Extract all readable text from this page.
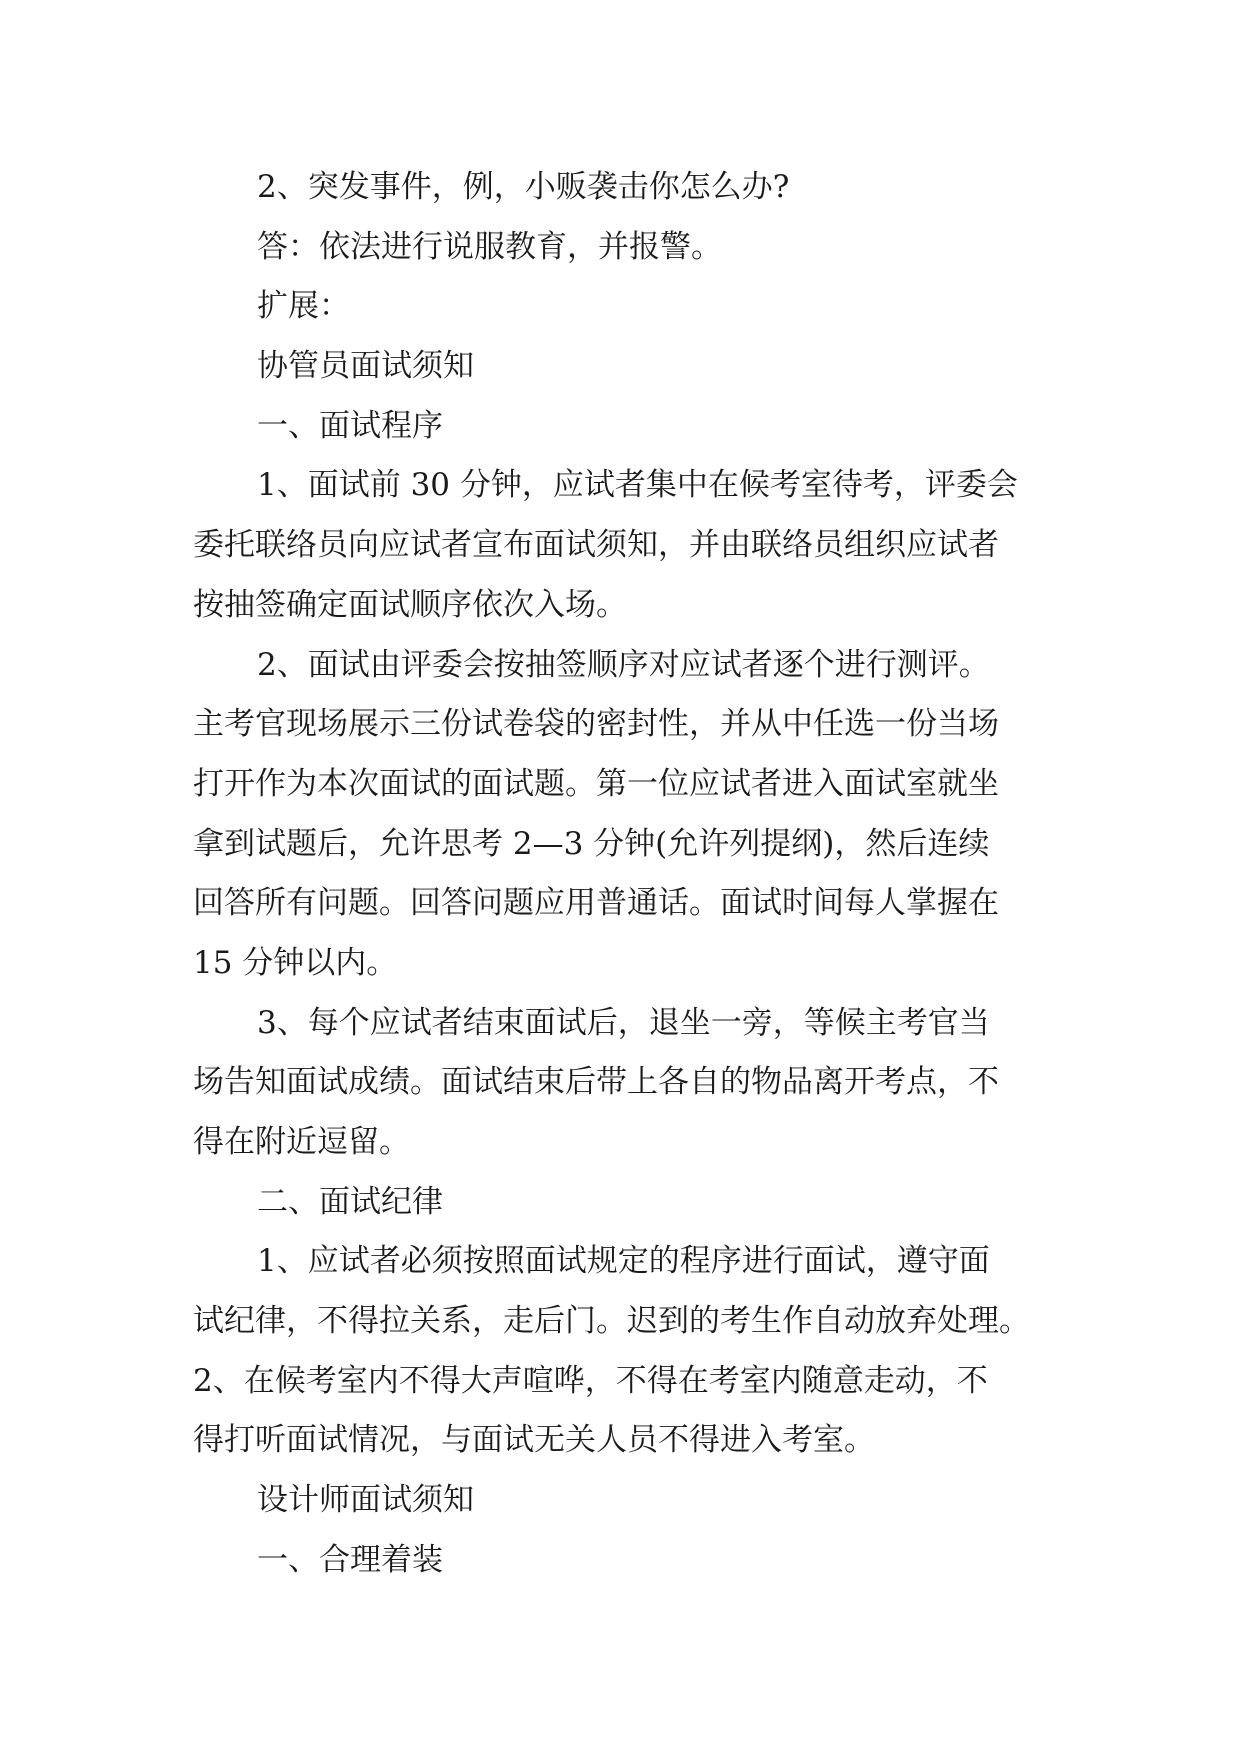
2、突发事件，例，小贩袭击你怎么办?

答：依法进行说服教育，并报警。

扩展：

协管员面试须知

一、面试程序

1、面试前 30 分钟，应试者集中在候考室待考，评委会

委托联络员向应试者宣布面试须知，并由联络员组织应试者

按抽签确定面试顺序依次入场。

2、面试由评委会按抽签顺序对应试者逐个进行测评。

主考官现场展示三份试卷袋的密封性，并从中任选一份当场

打开作为本次面试的面试题。第一位应试者进入面试室就坐

拿到试题后，允许思考 2—3 分钟(允许列提纲)，然后连续

回答所有问题。回答问题应用普通话。面试时间每人掌握在

15 分钟以内。

3、每个应试者结束面试后，退坐一旁，等候主考官当

场告知面试成绩。面试结束后带上各自的物品离开考点，不

得在附近逗留。

二、面试纪律

1、应试者必须按照面试规定的程序进行面试，遵守面

试纪律，不得拉关系，走后门。迟到的考生作自动放弃处理。

2、在候考室内不得大声喧哗，不得在考室内随意走动，不

得打听面试情况，与面试无关人员不得进入考室。

设计师面试须知

一、合理着装
